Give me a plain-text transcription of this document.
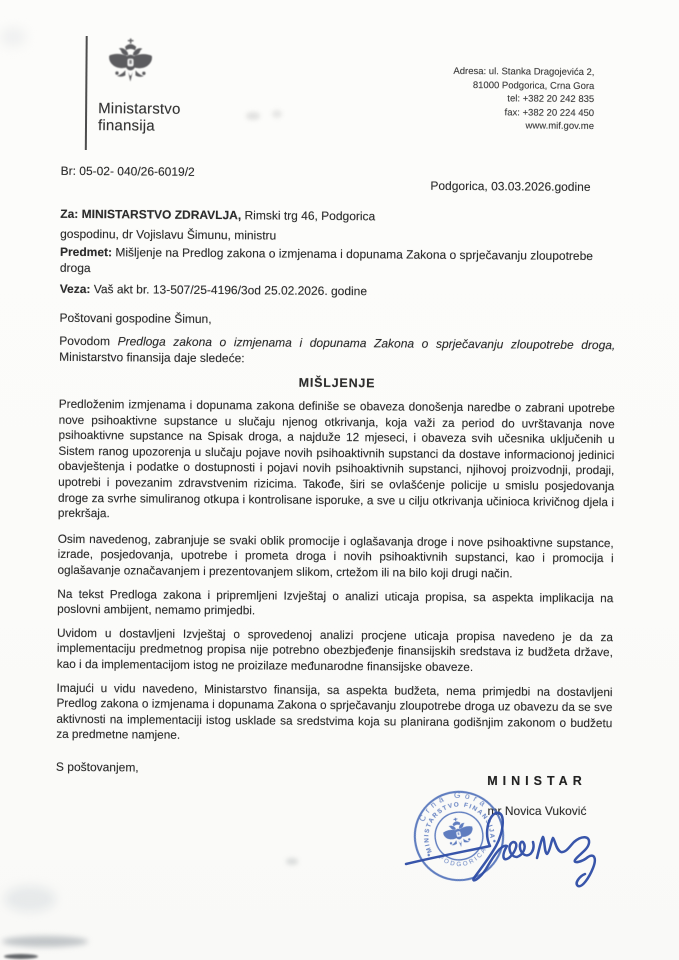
Ministarstvo
finansija
Adresa: ul. Stanka Dragojevića 2,
81000 Podgorica, Crna Gora
tel: +382 20 242 835
fax: +382 20 224 450
www.mif.gov.me
Br: 05-02- 040/26-6019/2
Podgorica, 03.03.2026.godine
Za: MINISTARSTVO ZDRAVLJA, Rimski trg 46, Podgorica
gospodinu, dr Vojislavu Šimunu, ministru
Predmet: Mišljenje na Predlog zakona o izmjenama i dopunama Zakona o sprječavanju zloupotrebe droga
Veza: Vaš akt br. 13-507/25-4196/3od 25.02.2026. godine
Poštovani gospodine Šimun,
Povodom Predloga zakona o izmjenama i dopunama Zakona o sprječavanju zloupotrebe droga, Ministarstvo finansija daje sledeće:
MIŠLJENJE
Predloženim izmjenama i dopunama zakona definiše se obaveza donošenja naredbe o zabrani upotrebe nove psihoaktivne supstance u slučaju njenog otkrivanja, koja važi za period do uvrštavanja nove psihoaktivne supstance na Spisak droga, a najduže 12 mjeseci, i obaveza svih učesnika uključenih u Sistem ranog upozorenja u slučaju pojave novih psihoaktivnih supstanci da dostave informacionoj jedinici obavještenja i podatke o dostupnosti i pojavi novih psihoaktivnih supstanci, njihovoj proizvodnji, prodaji, upotrebi i povezanim zdravstvenim rizicima. Takođe, širi se ovlašćenje policije u smislu posjedovanja droge za svrhe simuliranog otkupa i kontrolisane isporuke, a sve u cilju otkrivanja učinioca krivičnog djela i prekršaja.
Osim navedenog, zabranjuje se svaki oblik promocije i oglašavanja droge i nove psihoaktivne supstance, izrade, posjedovanja, upotrebe i prometa droga i novih psihoaktivnih supstanci, kao i promocija i oglašavanje označavanjem i prezentovanjem slikom, crtežom ili na bilo koji drugi način.
Na tekst Predloga zakona i pripremljeni Izvještaj o analizi uticaja propisa, sa aspekta implikacija na poslovni ambijent, nemamo primjedbi.
Uvidom u dostavljeni Izvještaj o sprovedenoj analizi procjene uticaja propisa navedeno je da za implementaciju predmetnog propisa nije potrebno obezbjeđenje finansijskih sredstava iz budžeta države, kao i da implementacijom istog ne proizilaze međunarodne finansijske obaveze.
Imajući u vidu navedeno, Ministarstvo finansija, sa aspekta budžeta, nema primjedbi na dostavljeni Predlog zakona o izmjenama i dopunama Zakona o sprječavanju zloupotrebe droga uz obavezu da se sve aktivnosti na implementaciji istog usklade sa sredstvima koja su planirana godišnjim zakonom o budžetu za predmetne namjene.
S poštovanjem,
MINISTAR
mr Novica Vuković
Crna Gora
MINISTARSTVO FINANSIJA
PODGORICA
